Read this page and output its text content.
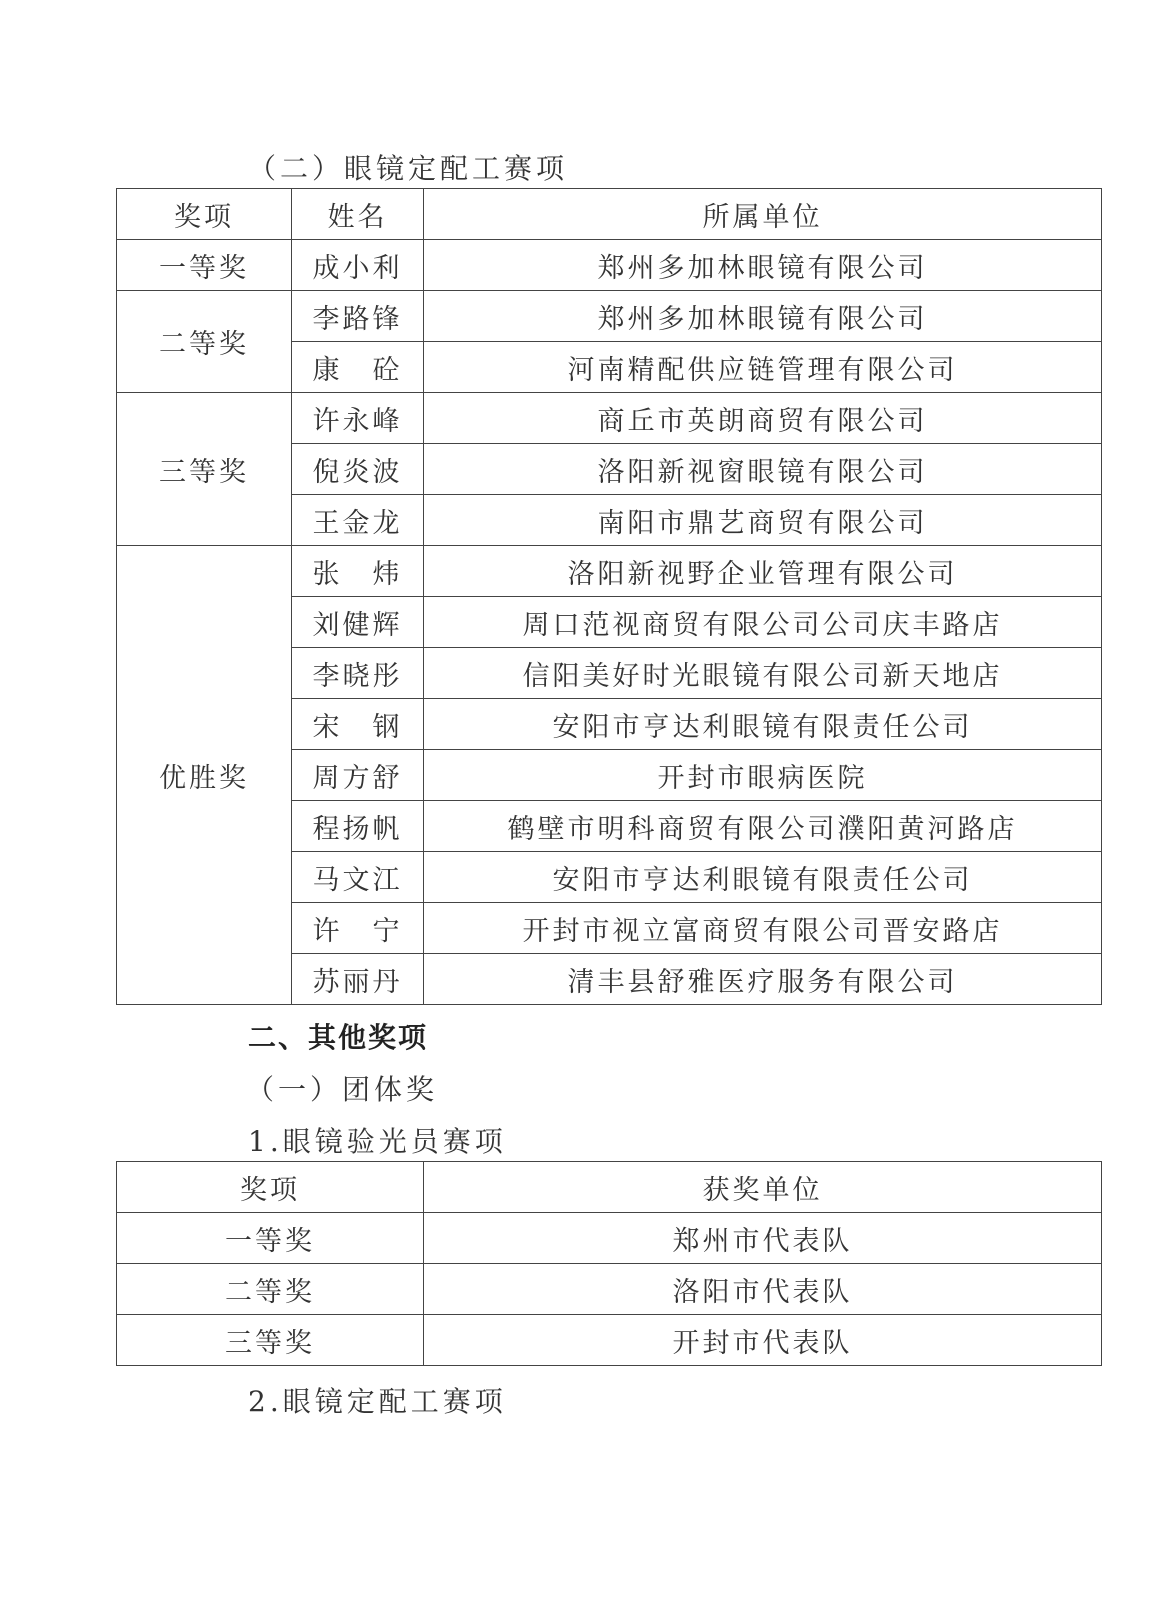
（二）眼镜定配工赛项
奖项	姓名	所属单位
一等奖	成小利	郑州多加林眼镜有限公司
二等奖	李路锋	郑州多加林眼镜有限公司
	康　砼	河南精配供应链管理有限公司
三等奖	许永峰	商丘市英朗商贸有限公司
	倪炎波	洛阳新视窗眼镜有限公司
	王金龙	南阳市鼎艺商贸有限公司
优胜奖	张　炜	洛阳新视野企业管理有限公司
	刘健辉	周口范视商贸有限公司公司庆丰路店
	李晓彤	信阳美好时光眼镜有限公司新天地店
	宋　钢	安阳市亨达利眼镜有限责任公司
	周方舒	开封市眼病医院
	程扬帆	鹤壁市明科商贸有限公司濮阳黄河路店
	马文江	安阳市亨达利眼镜有限责任公司
	许　宁	开封市视立富商贸有限公司晋安路店
	苏丽丹	清丰县舒雅医疗服务有限公司
二、其他奖项
（一）团体奖
1.眼镜验光员赛项
奖项	获奖单位
一等奖	郑州市代表队
二等奖	洛阳市代表队
三等奖	开封市代表队
2.眼镜定配工赛项
